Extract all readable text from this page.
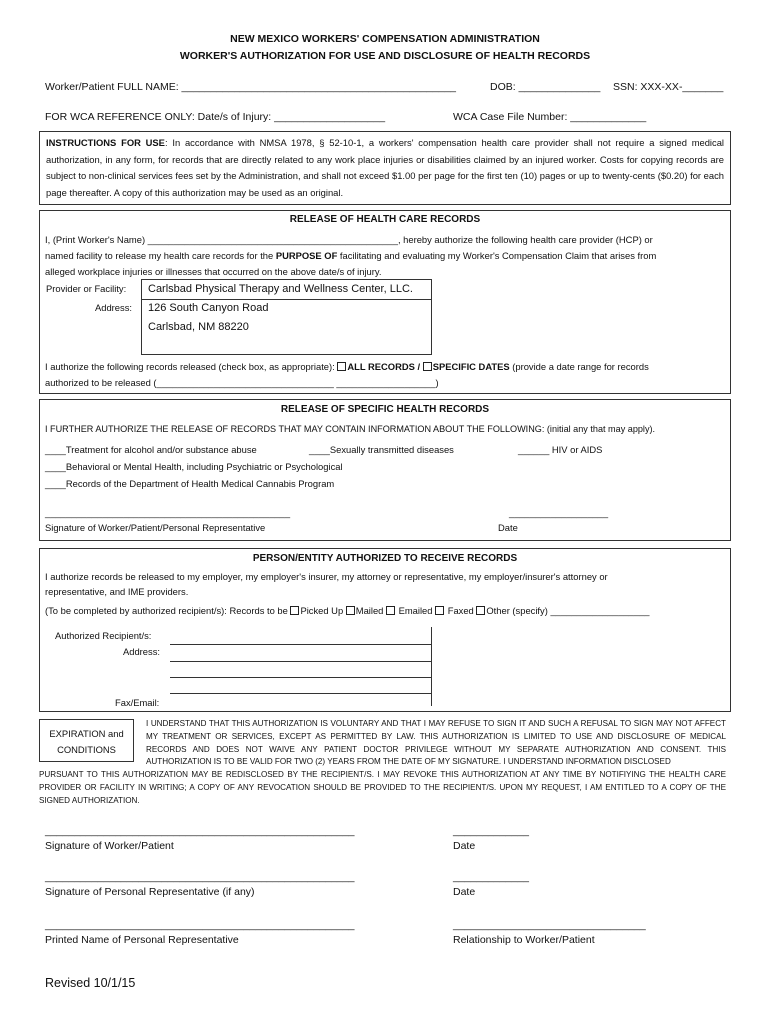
NEW MEXICO WORKERS' COMPENSATION ADMINISTRATION
WORKER'S AUTHORIZATION FOR USE AND DISCLOSURE OF HEALTH RECORDS
Worker/Patient FULL NAME: _______________________________________________	DOB: ______________ SSN: XXX-XX-_______
FOR WCA REFERENCE ONLY: Date/s of Injury: ___________________	WCA Case File Number: _____________
INSTRUCTIONS FOR USE: In accordance with NMSA 1978, § 52-10-1, a workers' compensation health care provider shall not require a signed medical authorization, in any form, for records that are directly related to any work place injuries or disabilities claimed by an injured worker. Costs for copying records are subject to non-clinical services fees set by the Administration, and shall not exceed $1.00 per page for the first ten (10) pages or up to twenty-cents ($0.20) for each page thereafter. A copy of this authorization may be used as an original.
RELEASE OF HEALTH CARE RECORDS
I, (Print Worker's Name) ________________________________________________, hereby authorize the following health care provider (HCP) or
named facility to release my health care records for the PURPOSE OF facilitating and evaluating my Worker's Compensation Claim that arises from
alleged workplace injuries or illnesses that occurred on the above date/s of injury.
Provider or Facility: Carlsbad Physical Therapy and Wellness Center, LLC.
Address: 126 South Canyon Road
Carlsbad, NM 88220
I authorize the following records released (check box, as appropriate): ALL RECORDS / SPECIFIC DATES (provide a date range for records
authorized to be released (__________________________________ ___________________)
RELEASE OF SPECIFIC HEALTH RECORDS
I FURTHER AUTHORIZE THE RELEASE OF RECORDS THAT MAY CONTAIN INFORMATION ABOUT THE FOLLOWING: (initial any that may apply).
____Treatment for alcohol and/or substance abuse	____Sexually transmitted diseases	______ HIV or AIDS
____Behavioral or Mental Health, including Psychiatric or Psychological
____Records of the Department of Health Medical Cannabis Program
_______________________________________________	___________________
Signature of Worker/Patient/Personal Representative	Date
PERSON/ENTITY AUTHORIZED TO RECEIVE RECORDS
I authorize records be released to my employer, my employer's insurer, my attorney or representative, my employer/insurer's attorney or
representative, and IME providers.
(To be completed by authorized recipient/s): Records to be Picked Up Mailed  Emailed  Faxed Other (specify) ___________________
Authorized Recipient/s:
Address:
Fax/Email:
EXPIRATION and
CONDITIONS
I UNDERSTAND THAT THIS AUTHORIZATION IS VOLUNTARY AND THAT I MAY REFUSE TO SIGN IT AND SUCH A REFUSAL TO SIGN MAY NOT AFFECT MY TREATMENT OR SERVICES, EXCEPT AS PERMITTED BY LAW. THIS AUTHORIZATION IS LIMITED TO USE AND DISCLOSURE OF MEDICAL RECORDS AND DOES NOT WAIVE ANY PATIENT DOCTOR PRIVILEGE WITHOUT MY SEPARATE AUTHORIZATION AND CONSENT. THIS AUTHORIZATION IS TO BE VALID FOR TWO (2) YEARS FROM THE DATE OF MY SIGNATURE. I UNDERSTAND INFORMATION DISCLOSED
PURSUANT TO THIS AUTHORIZATION MAY BE REDISCLOSED BY THE RECIPIENT/S. I MAY REVOKE THIS AUTHORIZATION AT ANY TIME BY NOTIFIYING THE HEALTH CARE PROVIDER OR FACILITY IN WRITING; A COPY OF ANY REVOCATION SHOULD BE PROVIDED TO THE RECIPIENT/S. UPON MY REQUEST, I AM ENTITLED TO A COPY OF THE SIGNED AUTHORIZATION.
_____________________________________________________	_____________
Signature of Worker/Patient	Date
_____________________________________________________	_____________
Signature of Personal Representative (if any)	Date
_____________________________________________________	_________________________________
Printed Name of Personal Representative	Relationship to Worker/Patient
Revised 10/1/15
